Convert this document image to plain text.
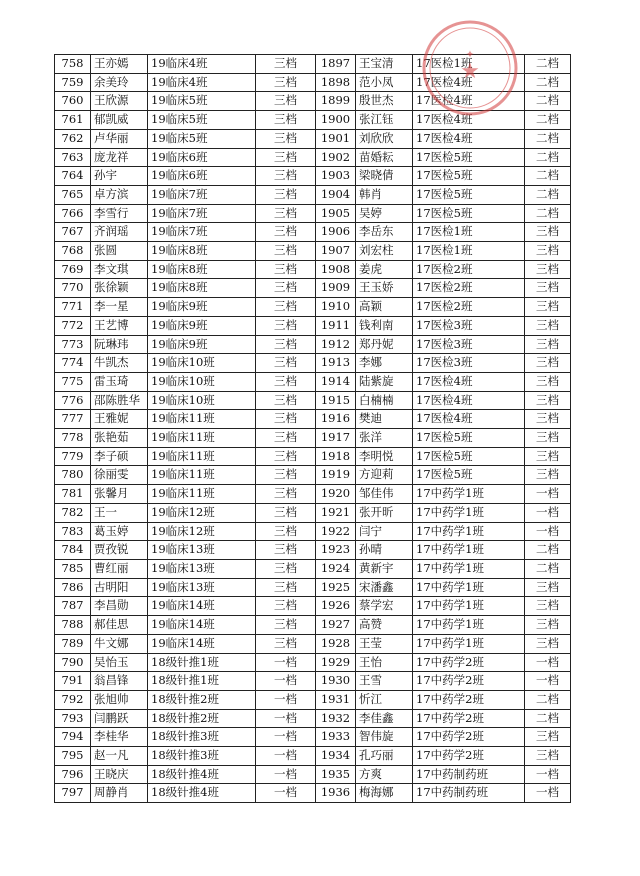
758	王亦嫣	19临床4班	三档	1897	王宝清	17医检1班	二档
759	余美玲	19临床4班	三档	1898	范小凤	17医检4班	二档
760	王欣源	19临床5班	三档	1899	殷世杰	17医检4班	二档
761	郁凯威	19临床5班	三档	1900	张江钰	17医检4班	二档
762	卢华丽	19临床5班	三档	1901	刘欣欣	17医检4班	二档
763	庞龙祥	19临床6班	三档	1902	苗婚耘	17医检5班	二档
764	孙宇	19临床6班	三档	1903	梁晓倩	17医检5班	二档
765	卓方滨	19临床7班	三档	1904	韩肖	17医检5班	二档
766	李雪行	19临床7班	三档	1905	吴婷	17医检5班	二档
767	齐润瑶	19临床7班	三档	1906	李岳东	17医检1班	三档
768	张圆	19临床8班	三档	1907	刘宏柱	17医检1班	三档
769	李文琪	19临床8班	三档	1908	姜虎	17医检2班	三档
770	张徐颖	19临床8班	三档	1909	王玉娇	17医检2班	三档
771	李一星	19临床9班	三档	1910	高颖	17医检2班	三档
772	王艺博	19临床9班	三档	1911	钱利南	17医检3班	三档
773	阮琳玮	19临床9班	三档	1912	郑丹妮	17医检3班	三档
774	牛凯杰	19临床10班	三档	1913	李娜	17医检3班	三档
775	雷玉琦	19临床10班	三档	1914	陆紫旋	17医检4班	三档
776	邵陈胜华	19临床10班	三档	1915	白楠楠	17医检4班	三档
777	王雅妮	19临床11班	三档	1916	樊迪	17医检4班	三档
778	张艳茹	19临床11班	三档	1917	张洋	17医检5班	三档
779	李子硕	19临床11班	三档	1918	李明悦	17医检5班	三档
780	徐丽雯	19临床11班	三档	1919	方迎莉	17医检5班	三档
781	张馨月	19临床11班	三档	1920	邹佳伟	17中药学1班	一档
782	王一	19临床12班	三档	1921	张开昕	17中药学1班	一档
783	葛玉婷	19临床12班	三档	1922	闫宁	17中药学1班	一档
784	贾孜锐	19临床13班	三档	1923	孙晴	17中药学1班	二档
785	曹红丽	19临床13班	三档	1924	黄新宇	17中药学1班	二档
786	古明阳	19临床13班	三档	1925	宋潘鑫	17中药学1班	三档
787	李昌勋	19临床14班	三档	1926	蔡学宏	17中药学1班	三档
788	郝佳思	19临床14班	三档	1927	高赞	17中药学1班	三档
789	牛文娜	19临床14班	三档	1928	王莹	17中药学1班	三档
790	吴怡玉	18级针推1班	一档	1929	王怡	17中药学2班	一档
791	翁昌锋	18级针推1班	一档	1930	王雪	17中药学2班	一档
792	张旭帅	18级针推2班	一档	1931	忻江	17中药学2班	二档
793	闫鹏跃	18级针推2班	一档	1932	李佳鑫	17中药学2班	二档
794	李桂华	18级针推3班	一档	1933	智伟旋	17中药学2班	三档
795	赵一凡	18级针推3班	一档	1934	孔巧丽	17中药学2班	三档
796	王晓庆	18级针推4班	一档	1935	方爽	17中药制药班	一档
797	周静肖	18级针推4班	一档	1936	梅海娜	17中药制药班	一档
✦
★
